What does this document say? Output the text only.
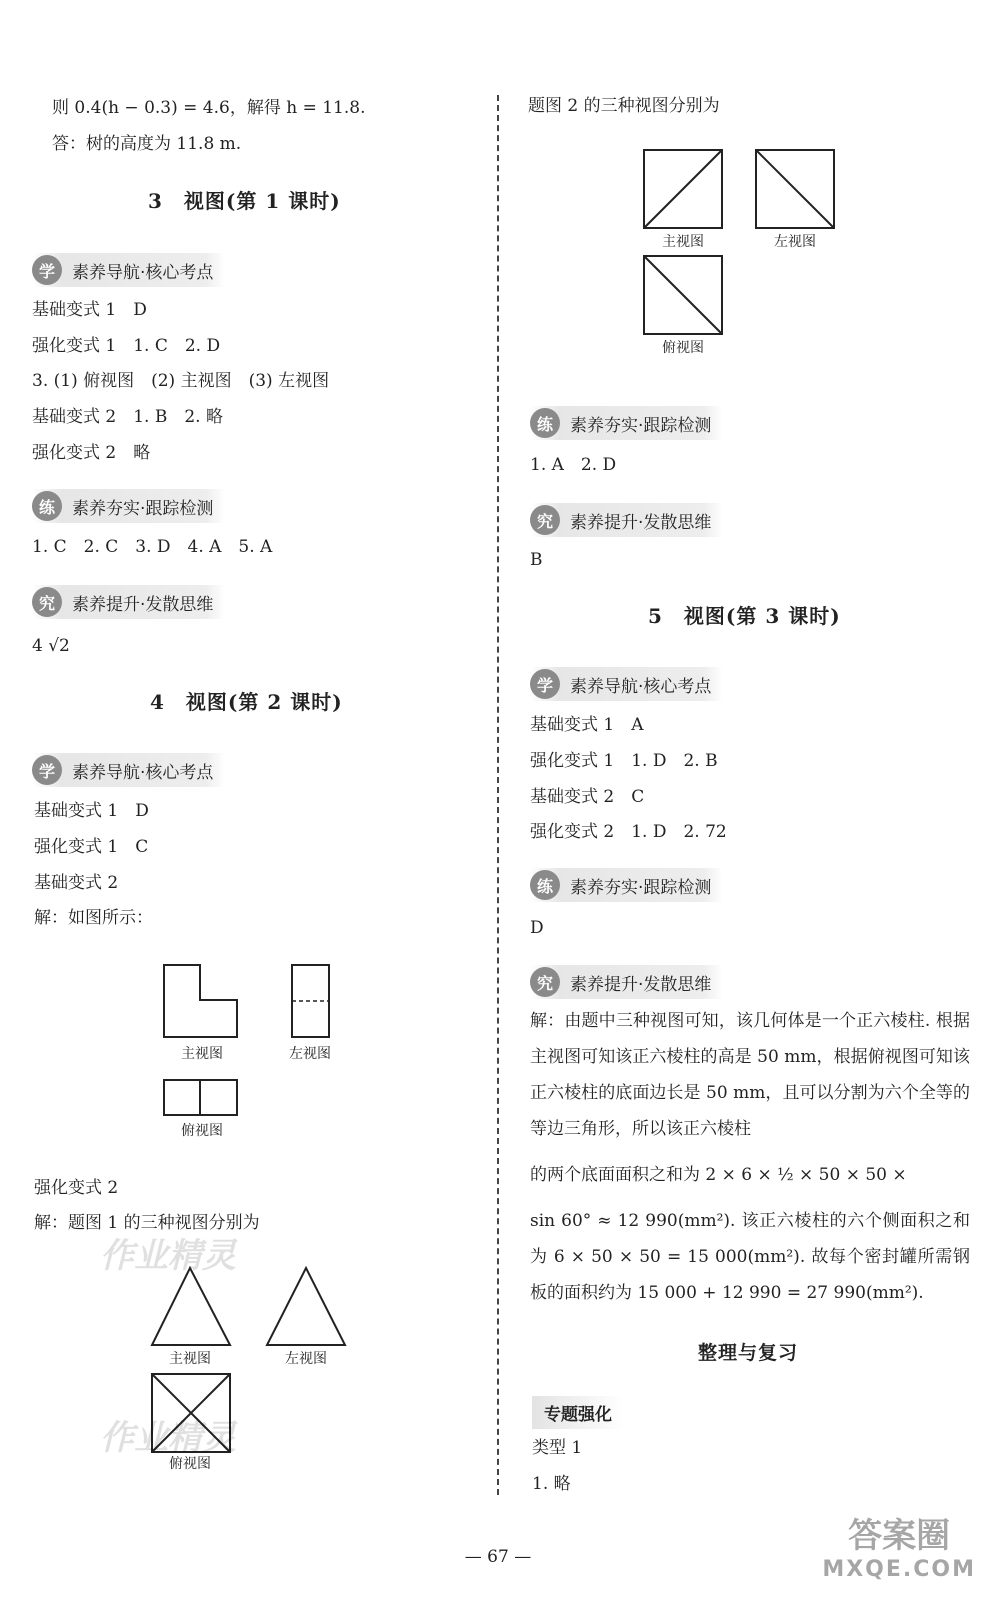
则 0.4(h − 0.3) = 4.6，解得 h = 11.8.
答：树的高度为 11.8 m.
3　视图(第 1 课时)
学	素养导航·核心考点
基础变式 1　D
强化变式 1　1. C　2. D
3. (1) 俯视图　(2) 主视图　(3) 左视图
基础变式 2　1. B　2. 略
强化变式 2　略
练	素养夯实·跟踪检测
1. C　2. C　3. D　4. A　5. A
究	素养提升·发散思维
4 √2
4　视图(第 2 课时)
学	素养导航·核心考点
基础变式 1　D
强化变式 1　C
基础变式 2
解：如图所示：
主视图	左视图
俯视图
强化变式 2
解：题图 1 的三种视图分别为
作业精灵
主视图	左视图
俯视图
作业精灵
题图 2 的三种视图分别为
主视图	左视图
俯视图
练	素养夯实·跟踪检测
1. A　2. D
究	素养提升·发散思维
B
5　视图(第 3 课时)
学	素养导航·核心考点
基础变式 1　A
强化变式 1　1. D　2. B
基础变式 2　C
强化变式 2　1. D　2. 72
练	素养夯实·跟踪检测
D
究	素养提升·发散思维
解：由题中三种视图可知，该几何体是一个正六棱柱. 根据主视图可知该正六棱柱的高是 50 mm，根据俯视图可知该正六棱柱的底面边长是 50 mm，且可以分割为六个全等的等边三角形，所以该正六棱柱
的两个底面面积之和为 2 × 6 × ½ × 50 × 50 ×
sin 60° ≈ 12 990(mm²). 该正六棱柱的六个侧面积之和为 6 × 50 × 50 = 15 000(mm²). 故每个密封罐所需钢板的面积约为 15 000 + 12 990 = 27 990(mm²).
整理与复习
专题强化
类型 1
1. 略
— 67 —
答案圈
MXQE.COM
